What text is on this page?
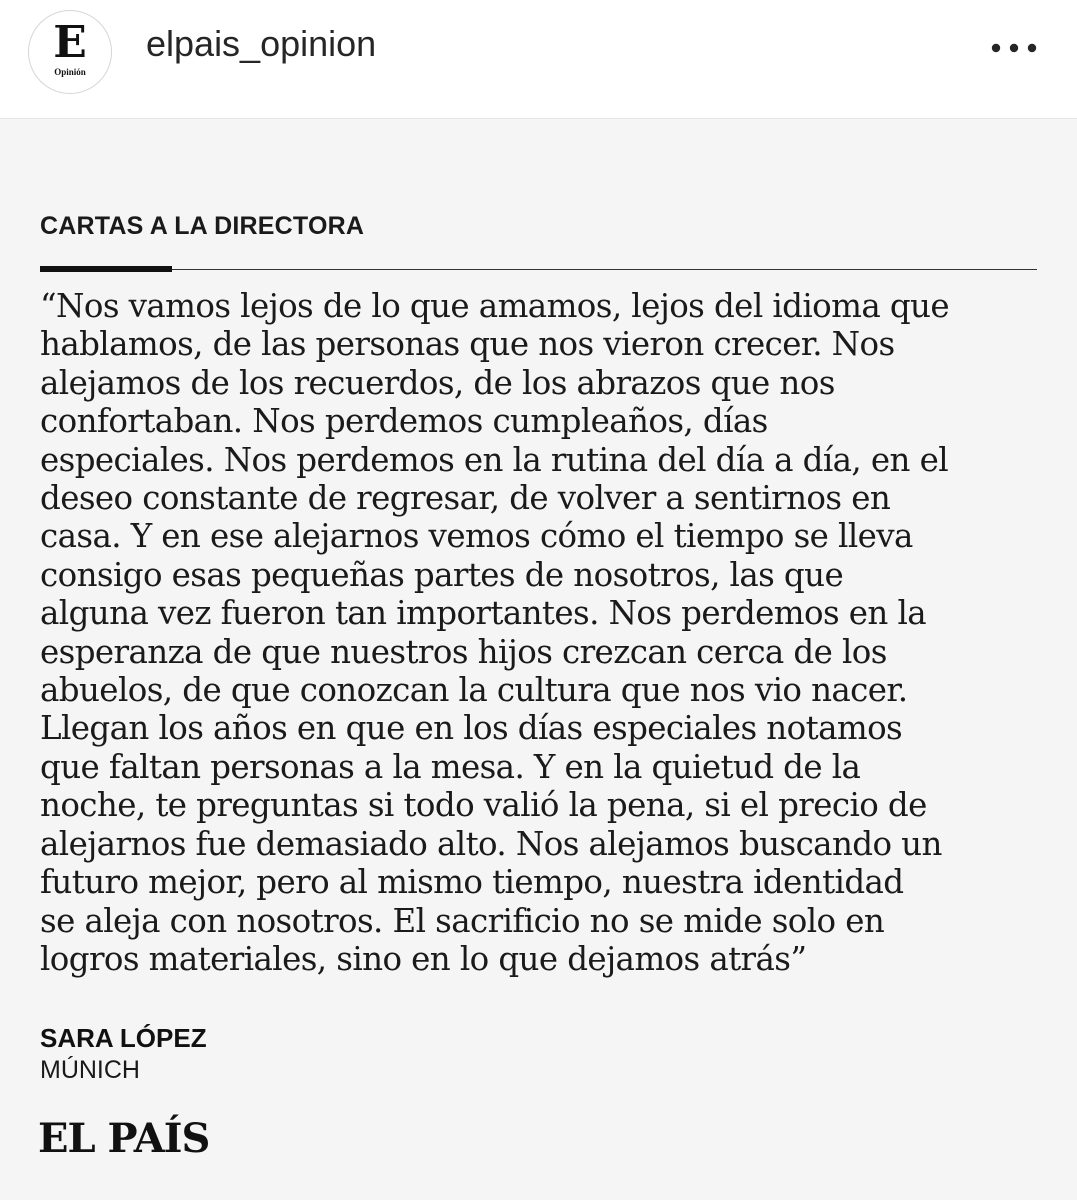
E
Opinión
elpais_opinion
CARTAS A LA DIRECTORA
“Nos vamos lejos de lo que amamos, lejos del idioma que
hablamos, de las personas que nos vieron crecer. Nos
alejamos de los recuerdos, de los abrazos que nos
confortaban. Nos perdemos cumpleaños, días
especiales. Nos perdemos en la rutina del día a día, en el
deseo constante de regresar, de volver a sentirnos en
casa. Y en ese alejarnos vemos cómo el tiempo se lleva
consigo esas pequeñas partes de nosotros, las que
alguna vez fueron tan importantes. Nos perdemos en la
esperanza de que nuestros hijos crezcan cerca de los
abuelos, de que conozcan la cultura que nos vio nacer.
Llegan los años en que en los días especiales notamos
que faltan personas a la mesa. Y en la quietud de la
noche, te preguntas si todo valió la pena, si el precio de
alejarnos fue demasiado alto. Nos alejamos buscando un
futuro mejor, pero al mismo tiempo, nuestra identidad
se aleja con nosotros. El sacrificio no se mide solo en
logros materiales, sino en lo que dejamos atrás”
SARA LÓPEZ
MÚNICH
EL PAÍS
